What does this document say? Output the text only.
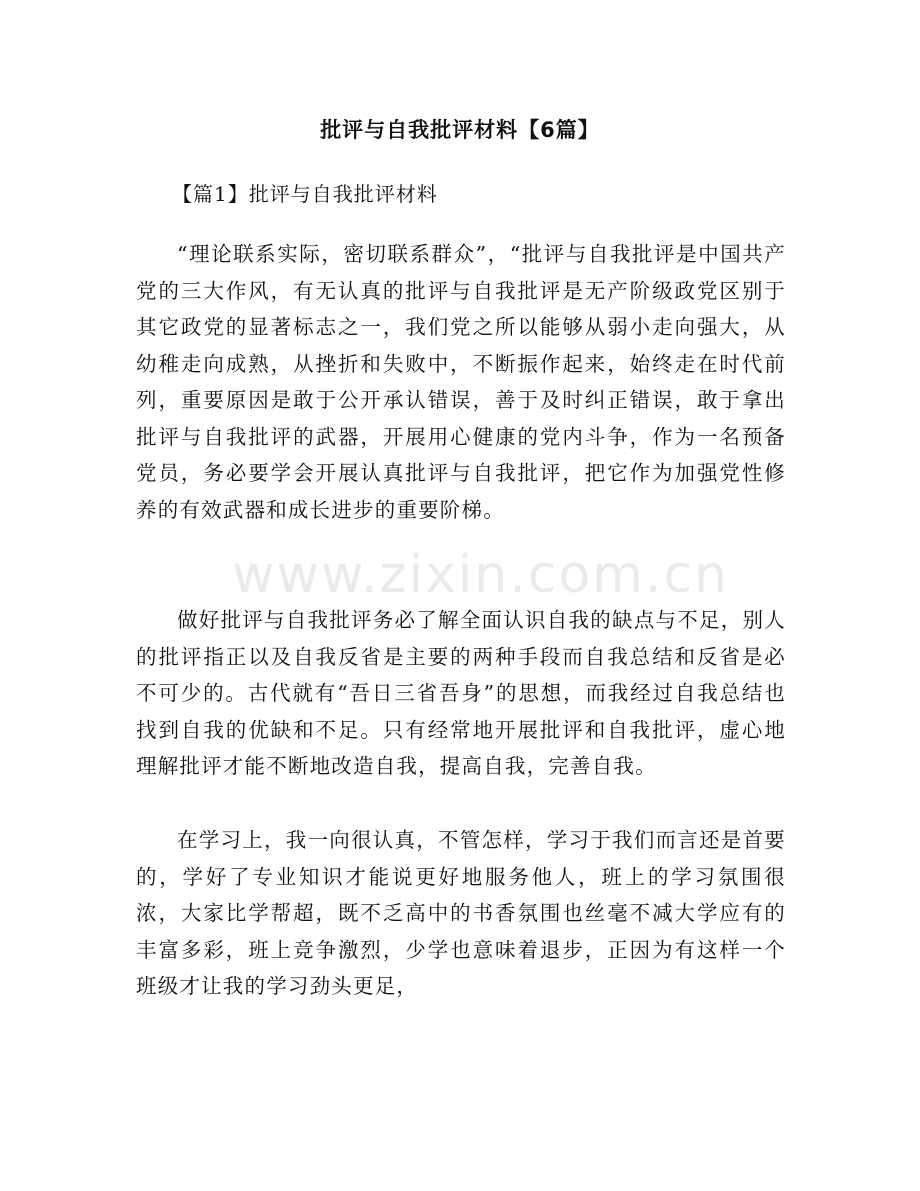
批评与自我批评材料【6篇】
【篇1】批评与自我批评材料

“理论联系实际，密切联系群众”，“批评与自我批评是中国共产党的三大作风，有无认真的批评与自我批评是无产阶级政党区别于其它政党的显著标志之一，我们党之所以能够从弱小走向强大，从幼稚走向成熟，从挫折和失败中，不断振作起来，始终走在时代前列，重要原因是敢于公开承认错误，善于及时纠正错误，敢于拿出批评与自我批评的武器，开展用心健康的党内斗争，作为一名预备党员，务必要学会开展认真批评与自我批评，把它作为加强党性修养的有效武器和成长进步的重要阶梯。

做好批评与自我批评务必了解全面认识自我的缺点与不足，别人的批评指正以及自我反省是主要的两种手段而自我总结和反省是必不可少的。古代就有“吾日三省吾身”的思想，而我经过自我总结也找到自我的优缺和不足。只有经常地开展批评和自我批评，虚心地理解批评才能不断地改造自我，提高自我，完善自我。

在学习上，我一向很认真，不管怎样，学习于我们而言还是首要的，学好了专业知识才能说更好地服务他人，班上的学习氛围很浓，大家比学帮超，既不乏高中的书香氛围也丝毫不减大学应有的丰富多彩，班上竞争激烈，少学也意味着退步，正因为有这样一个班级才让我的学习劲头更足，

www.zixin.com.cn
